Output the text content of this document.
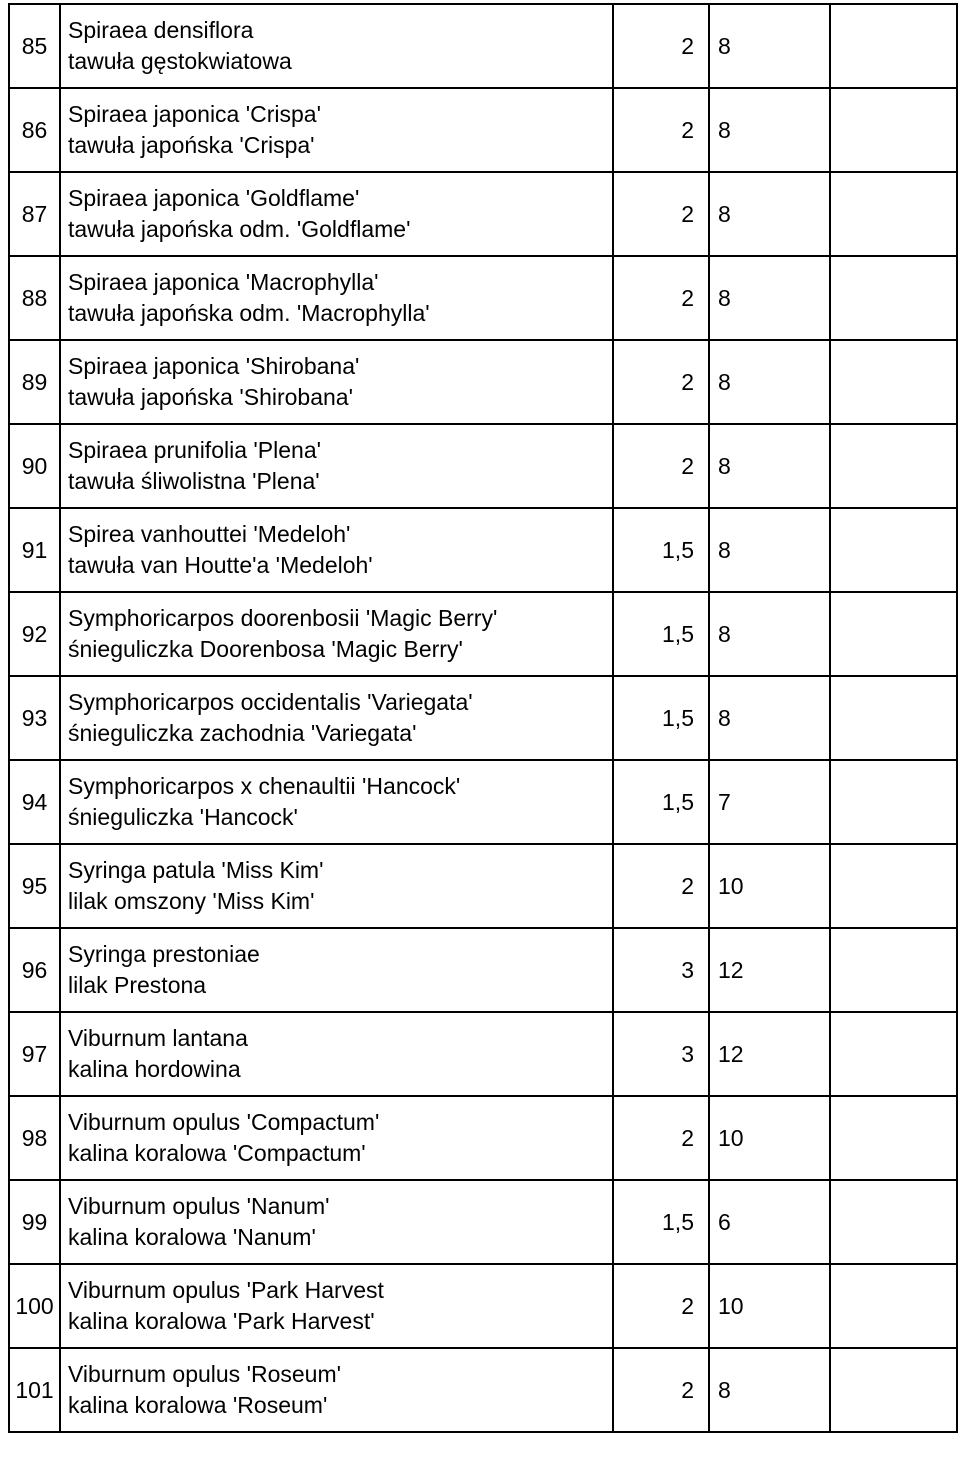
85	Spiraea densiflora
tawuła gęstokwiatowa	2	8	
86	Spiraea japonica 'Crispa'
tawuła japońska 'Crispa'	2	8	
87	Spiraea japonica 'Goldflame'
tawuła japońska odm. 'Goldflame'	2	8	
88	Spiraea japonica 'Macrophylla'
tawuła japońska odm. 'Macrophylla'	2	8	
89	Spiraea japonica 'Shirobana'
tawuła japońska 'Shirobana'	2	8	
90	Spiraea prunifolia 'Plena'
tawuła śliwolistna 'Plena'	2	8	
91	Spirea vanhouttei 'Medeloh'
tawuła van Houtte'a 'Medeloh'	1,5	8	
92	Symphoricarpos doorenbosii 'Magic Berry'
śnieguliczka Doorenbosa 'Magic Berry'	1,5	8	
93	Symphoricarpos occidentalis 'Variegata'
śnieguliczka zachodnia 'Variegata'	1,5	8	
94	Symphoricarpos x chenaultii 'Hancock'
śnieguliczka 'Hancock'	1,5	7	
95	Syringa patula 'Miss Kim'
lilak omszony 'Miss Kim'	2	10	
96	Syringa prestoniae
lilak Prestona	3	12	
97	Viburnum lantana
kalina hordowina	3	12	
98	Viburnum opulus 'Compactum'
kalina koralowa 'Compactum'	2	10	
99	Viburnum opulus 'Nanum'
kalina koralowa 'Nanum'	1,5	6	
100	Viburnum opulus 'Park Harvest
kalina koralowa 'Park Harvest'	2	10	
101	Viburnum opulus 'Roseum'
kalina koralowa 'Roseum'	2	8	
